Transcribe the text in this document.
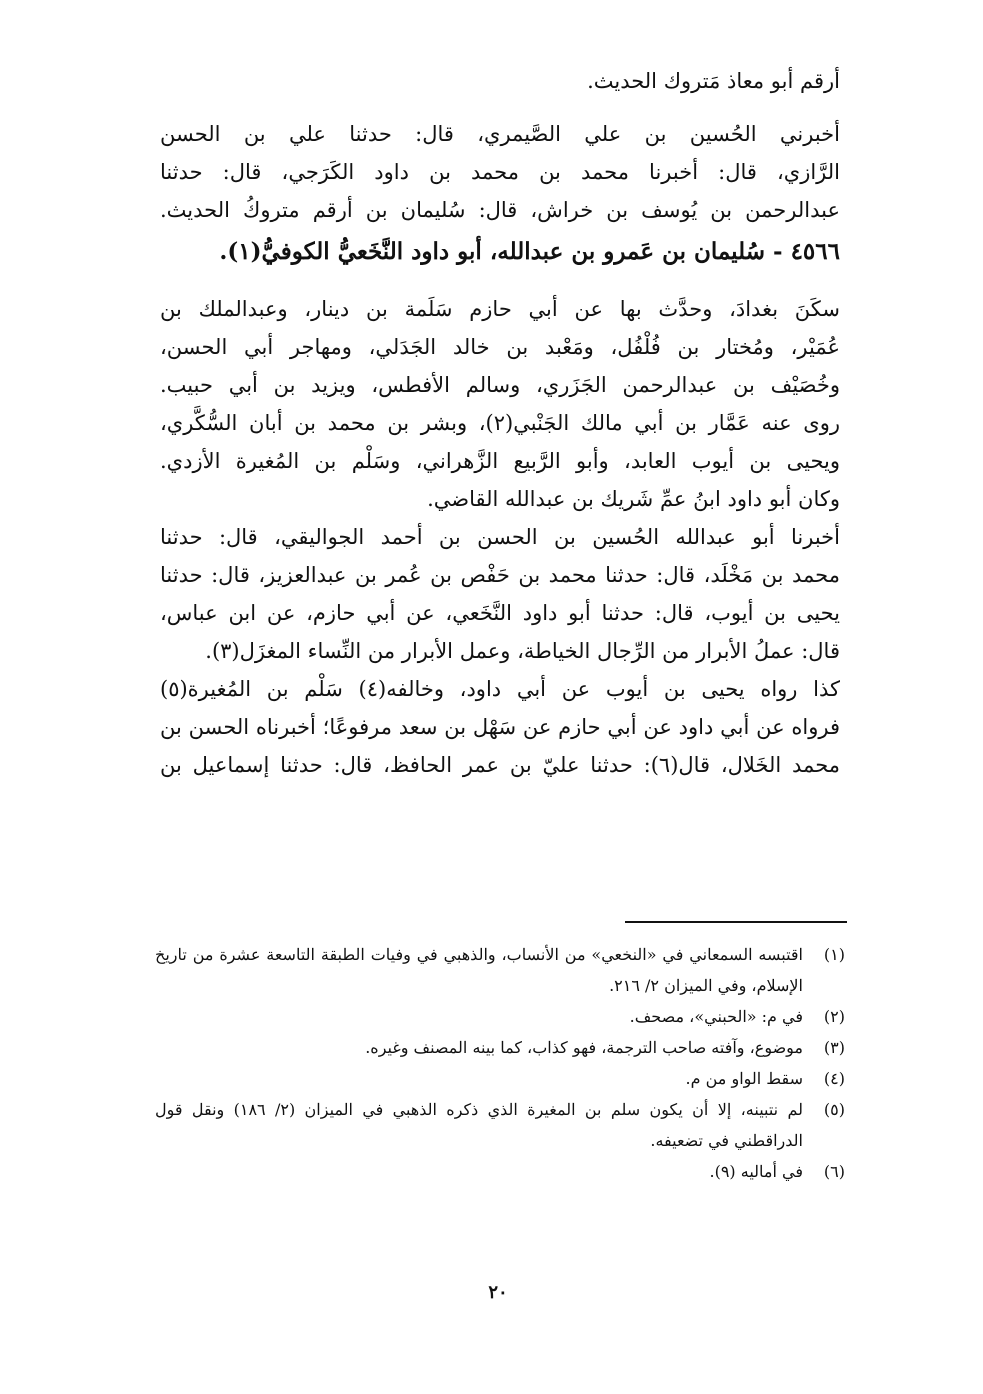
أرقم أبو معاذ مَتروك الحديث.
أخبرني الحُسين بن علي الصَّيمري، قال: حدثنا علي بن الحسن
الرَّازي، قال: أخبرنا محمد بن محمد بن داود الكَرَجي، قال: حدثنا
عبدالرحمن بن يُوسف بن خراش، قال: سُليمان بن أرقم متروكُ الحديث.
٤٥٦٦ - سُليمان بن عَمرو بن عبدالله، أبو داود النَّخَعيُّ الكوفيُّ(١).
سكَنَ بغدادَ، وحدَّث بها عن أبي حازم سَلَمة بن دينار، وعبدالملك بن
عُمَيْر، ومُختار بن فُلْفُل، ومَعْبد بن خالد الجَدَلي، ومهاجر أبي الحسن،
وخُصَيْف بن عبدالرحمن الجَزَري، وسالم الأفطس، ويزيد بن أبي حبيب.
روى عنه عَمَّار بن أبي مالك الجَنْبي(٢)، وبشر بن محمد بن أبان السُّكَّري،
ويحيى بن أيوب العابد، وأبو الرَّبيع الزَّهراني، وسَلْم بن المُغيرة الأزدي.
وكان أبو داود ابنُ عمِّ شَريك بن عبدالله القاضي.
أخبرنا أبو عبدالله الحُسين بن الحسن بن أحمد الجواليقي، قال: حدثنا
محمد بن مَخْلَد، قال: حدثنا محمد بن حَفْص بن عُمر بن عبدالعزيز، قال: حدثنا
يحيى بن أيوب، قال: حدثنا أبو داود النَّخَعي، عن أبي حازم، عن ابن عباس،
قال: عملُ الأبرار من الرِّجال الخياطة، وعمل الأبرار من النِّساء المغزَل(٣).
كذا رواه يحيى بن أيوب عن أبي داود، وخالفه(٤) سَلْم بن المُغيرة(٥)
فرواه عن أبي داود عن أبي حازم عن سَهْل بن سعد مرفوعًا؛ أخبرناه الحسن بن
محمد الخَلال، قال(٦): حدثنا عليّ بن عمر الحافظ، قال: حدثنا إسماعيل بن
(١)
اقتبسه السمعاني في «النخعي» من الأنساب، والذهبي في وفيات الطبقة التاسعة عشرة من تاريخ الإسلام، وفي الميزان ٢/ ٢١٦.
(٢)
في م: «الحبني»، مصحف.
(٣)
موضوع، وآفته صاحب الترجمة، فهو كذاب، كما بينه المصنف وغيره.
(٤)
سقط الواو من م.
(٥)
لم نتبينه، إلا أن يكون سلم بن المغيرة الذي ذكره الذهبي في الميزان (٢/ ١٨٦) ونقل قول الدراقطني في تضعيفه.
(٦)
في أماليه (٩).
٢٠
